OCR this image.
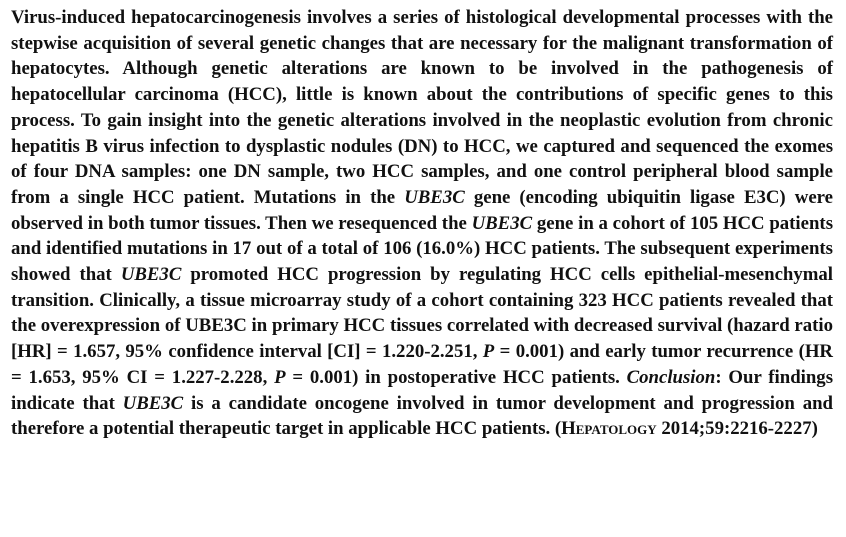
Virus-induced hepatocarcinogenesis involves a series of histological developmental processes with the stepwise acquisition of several genetic changes that are necessary for the malignant transformation of hepatocytes. Although genetic alterations are known to be involved in the pathogenesis of hepatocellular carcinoma (HCC), little is known about the contributions of specific genes to this process. To gain insight into the genetic alterations involved in the neoplastic evolution from chronic hepatitis B virus infection to dysplastic nodules (DN) to HCC, we captured and sequenced the exomes of four DNA samples: one DN sample, two HCC samples, and one control peripheral blood sample from a single HCC patient. Mutations in the UBE3C gene (encoding ubiquitin ligase E3C) were observed in both tumor tissues. Then we resequenced the UBE3C gene in a cohort of 105 HCC patients and identified mutations in 17 out of a total of 106 (16.0%) HCC patients. The subsequent experiments showed that UBE3C promoted HCC progression by regulating HCC cells epithelial-mesenchymal transition. Clinically, a tissue microarray study of a cohort containing 323 HCC patients revealed that the overexpression of UBE3C in primary HCC tissues correlated with decreased survival (hazard ratio [HR] = 1.657, 95% confidence interval [CI] = 1.220-2.251, P = 0.001) and early tumor recurrence (HR = 1.653, 95% CI = 1.227-2.228, P = 0.001) in postoperative HCC patients. Conclusion: Our findings indicate that UBE3C is a candidate oncogene involved in tumor development and progression and therefore a potential therapeutic target in applicable HCC patients. (Hepatology 2014;59:2216-2227)
